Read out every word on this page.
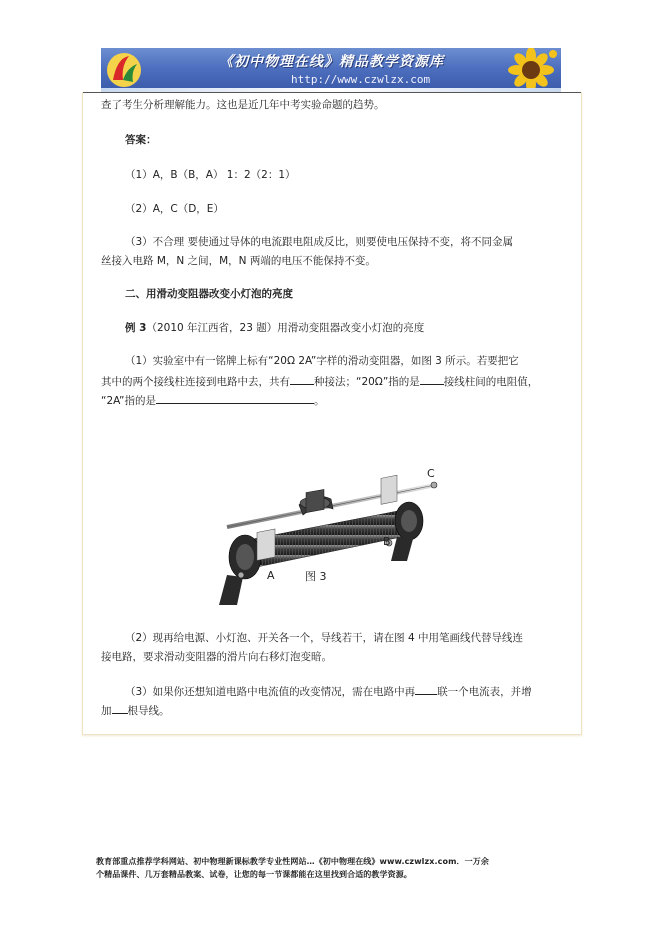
《初中物理在线》精品教学资源库
http://www.czwlzx.com
查了考生分析理解能力。这也是近几年中考实验命题的趋势。
答案：
（1）A，B（B，A） 1：2（2：1）
（2）A，C（D，E）
（3）不合理 要使通过导体的电流跟电阻成反比，则要使电压保持不变，将不同金属
丝接入电路 M，N 之间，M，N 两端的电压不能保持不变。
二、用滑动变阻器改变小灯泡的亮度
例 3（2010 年江西省，23 题）用滑动变阻器改变小灯泡的亮度
（1）实验室中有一铭牌上标有“20Ω 2A”字样的滑动变阻器，如图 3 所示。若要把它
其中的两个接线柱连接到电路中去，共有 种接法；“20Ω”指的是 接线柱间的电阻值，
“2A”指的是	。
A
B
C
图 3
（2）现再给电源、小灯泡、开关各一个，导线若干，请在图 4 中用笔画线代替导线连
接电路，要求滑动变阻器的滑片向右移灯泡变暗。
（3）如果你还想知道电路中电流值的改变情况，需在电路中再 联一个电流表，并增
加 根导线。
教育部重点推荐学科网站、初中物理新课标教学专业性网站…《初中物理在线》www.czwlzx.com．一万余
个精品课件、几万套精品教案、试卷，让您的每一节课都能在这里找到合适的教学资源。
